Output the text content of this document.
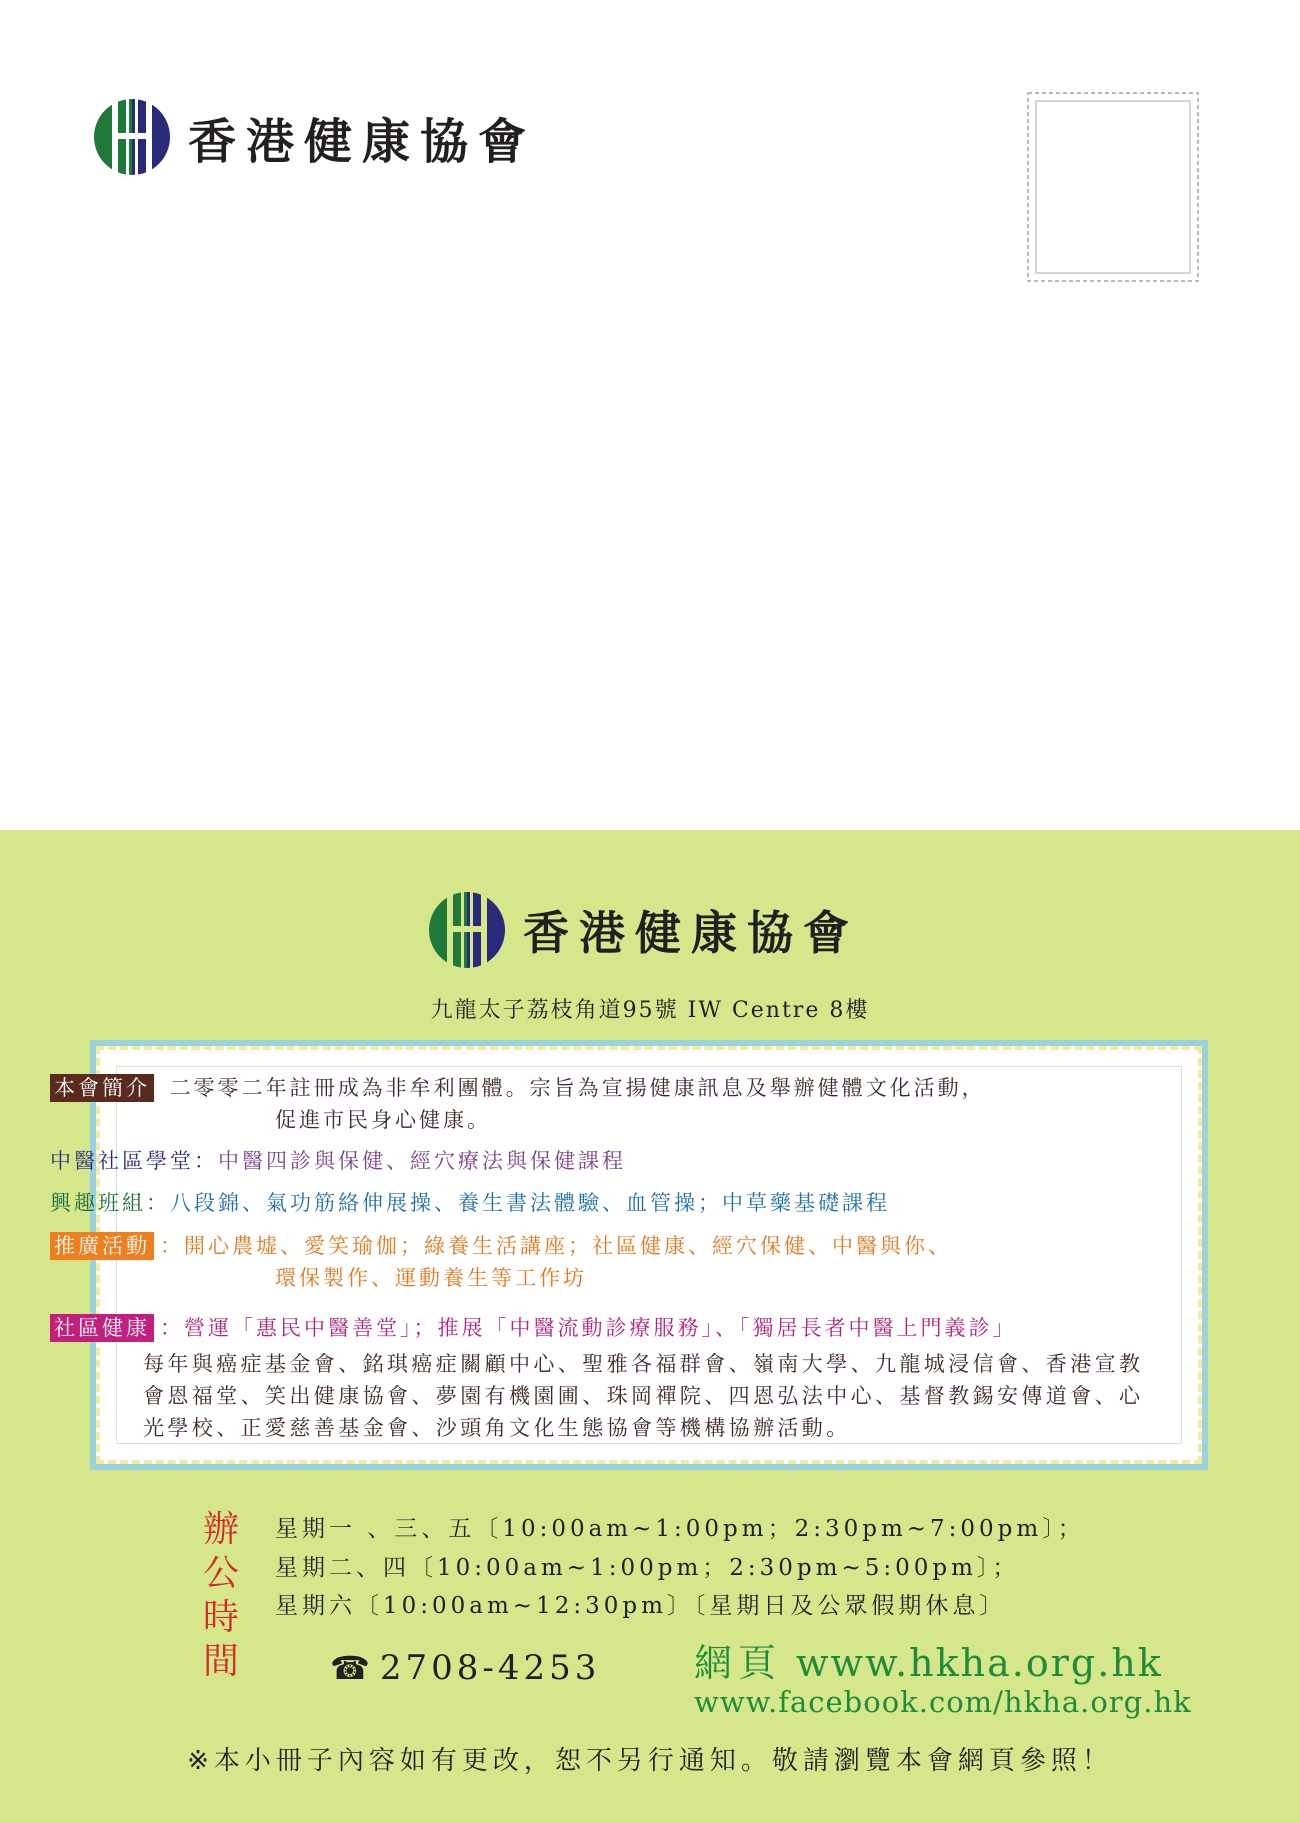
香港健康協會
香港健康協會
九龍太子荔枝角道95號 IW Centre 8樓
本會簡介 二零零二年註冊成為非牟利團體。宗旨為宣揚健康訊息及舉辦健體文化活動，
促進市民身心健康。
中醫社區學堂：中醫四診與保健、經穴療法與保健課程
興趣班組：八段錦、氣功筋絡伸展操、養生書法體驗、血管操；中草藥基礎課程
推廣活動 ：開心農墟、愛笑瑜伽；綠養生活講座；社區健康、經穴保健、中醫與你、
環保製作、運動養生等工作坊
社區健康 ：營運「惠民中醫善堂」；推展「中醫流動診療服務」、「獨居長者中醫上門義診」
每年與癌症基金會、銘琪癌症關顧中心、聖雅各福群會、嶺南大學、九龍城浸信會、香港宣教會恩福堂、笑出健康協會、夢園有機園圃、珠岡禪院、四恩弘法中心、基督教錫安傳道會、心光學校、正愛慈善基金會、沙頭角文化生態協會等機構協辦活動。
辦
公
時
間
星期一 、三、五〔10:00am~1:00pm；2:30pm~7:00pm〕；
星期二、四〔10:00am~1:00pm；2:30pm~5:00pm〕；
星期六〔10:00am~12:30pm〕〔星期日及公眾假期休息〕
☎ 2708-4253 網頁 www.hkha.org.hk
www.facebook.com/hkha.org.hk
※本小冊子內容如有更改，恕不另行通知。敬請瀏覽本會網頁參照！
